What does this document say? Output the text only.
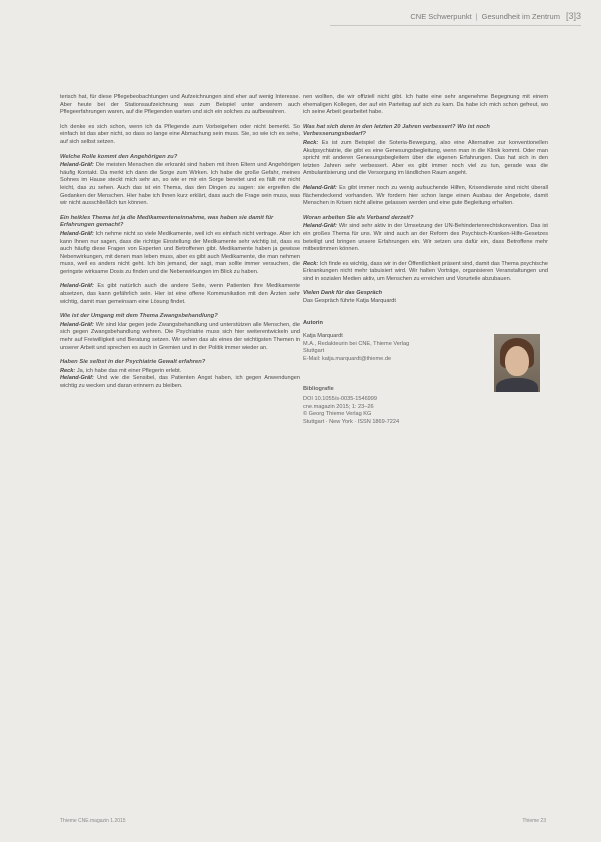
CNE Schwerpunkt | Gesundheit im Zentrum [3]3

terisch hat, für diese Pflegebeobachtungen und Aufzeichnungen sind eher auf wenig Interesse. Aber heute bei der Stationsaufzeichnung was zum Beispiel unter anderem auch Pflegeerfahrungen waren, auf die Pflegenden warten und sich ein solches zu aufbewahren.

Ich denke es sich schon, wenn ich da Pflegende zum Vorbeigehen oder nicht bemerkt. So einfach ist das aber nicht, so dass so lange eine Abmachung sein muss. Sie, so wie ich es sehe, auf sich selbst setzen.

Welche Rolle kommt den Angehörigen zu?

Heland-Gräf: Die meisten Menschen die erkrankt sind haben mit ihren Eltern und Angehörigen häufig Kontakt. Da merkt ich dann die Sorge zum Wirken. Ich habe die große Gefahr, meines Sohnes im Hause steckt mich sehr an, so wie er mir ein Sorge bereitet und es fällt mir nicht leicht, das zu sehen. Auch das ist ein Thema, das den Dingen zu sagen: sie ergreifen die Gedanken der Menschen. Hier habe ich Ihnen kurz erklärt, dass auch die Frage sein muss, was wir nicht ausschließlich tun können.

Ein heikles Thema ist ja die Medikamenteneinnahme, was haben sie damit für Erfahrungen gemacht?

Heland-Gräf: Ich nehme nicht so viele Medikamente, weil ich es einfach nicht vertrage. Aber ich kann Ihnen nur sagen, dass die richtige Einstellung der Medikamente sehr wichtig ist, dass es auch häufig diese Fragen von Experten und Betroffenen gibt. Medikamente haben ja gewisse Nebenwirkungen, mit denen man leben muss, aber es gibt auch Medikamente, die man nehmen muss, weil es anders nicht geht. Ich bin jemand, der sagt, man sollte immer versuchen, die geringste wirksame Dosis zu finden und die Nebenwirkungen im Blick zu haben.

Heland-Gräf: Es gibt natürlich auch die andere Seite, wenn Patienten ihre Medikamente absetzen, das kann gefährlich sein. Hier ist eine offene Kommunikation mit den Ärzten sehr wichtig, damit man gemeinsam eine Lösung findet.

Wie ist der Umgang mit dem Thema Zwangsbehandlung?

Heland-Gräf: Wir sind klar gegen jede Zwangsbehandlung und unterstützen alle Menschen, die sich gegen Zwangsbehandlung wehren. Die Psychiatrie muss sich hier weiterentwickeln und mehr auf Freiwilligkeit und Beratung setzen. Wir sehen das als eines der wichtigsten Themen in unserer Arbeit und sprechen es auch in Gremien und in der Politik immer wieder an.

Haben Sie selbst in der Psychiatrie Gewalt erfahren?

Reck: Ja, ich habe das mit einer Pflegerin erlebt.
Heland-Gräf: Und wie die Sensibel, das Patienten Angst haben, ich gegen Anwendungen wichtig zu wecken und daran erinnern zu bleiben.

nen wollten, die wir offiziell nicht gibt. Ich hatte eine sehr angenehme Begegnung mit einem ehemaligen Kollegen, der auf ein Parteitag auf sich zu kam. Da habe ich mich schon gefreut, wo ich seine Arbeit gearbeitet habe.

Was hat sich denn in den letzten 20 Jahren verbessert? Wo ist noch Verbesserungsbedarf?

Reck: Es ist zum Beispiel die Soteria-Bewegung, also eine Alternative zur konventionellen Akutpsychiatrie, die gibt es eine Genesungsbegleitung, wenn man in die Klinik kommt. Oder man spricht mit anderen Genesungsbegleitern über die eigenen Erfahrungen. Das hat sich in den letzten Jahren sehr verbessert. Aber es gibt immer noch viel zu tun, gerade was die Ambulantisierung und die Versorgung im ländlichen Raum angeht.

Heland-Gräf: Es gibt immer noch zu wenig aufsuchende Hilfen, Krisendienste sind nicht überall flächendeckend vorhanden. Wir fordern hier schon lange einen Ausbau der Angebote, damit Menschen in Krisen nicht alleine gelassen werden und eine gute Begleitung erhalten.

Woran arbeiten Sie als Verband derzeit?

Heland-Gräf: Wir sind sehr aktiv in der Umsetzung der UN-Behindertenrechtskonvention. Das ist ein großes Thema für uns. Wir sind auch an der Reform des Psychisch-Kranken-Hilfe-Gesetzes beteiligt und bringen unsere Erfahrungen ein. Wir setzen uns dafür ein, dass Betroffene mehr mitbestimmen können.

Reck: Ich finde es wichtig, dass wir in der Öffentlichkeit präsent sind, damit das Thema psychische Erkrankungen nicht mehr tabuisiert wird. Wir halten Vorträge, organisieren Veranstaltungen und sind in sozialen Medien aktiv, um Menschen zu erreichen und Vorurteile abzubauen.

Vielen Dank für das Gespräch
Das Gespräch führte Katja Marquardt
Autorin
Katja Marquardt
M.A., Redakteurin bei CNE, Thieme Verlag
Stuttgart
E-Mail: katja.marquardt@thieme.de
Bibliografie
DOI 10.1055/s-0035-1546999
cne.magazin 2015; 1: 23–26
© Georg Thieme Verlag KG
Stuttgart · New York · ISSN 1869-7224
Thieme CNE.magazin 1.2015	Thieme 23
